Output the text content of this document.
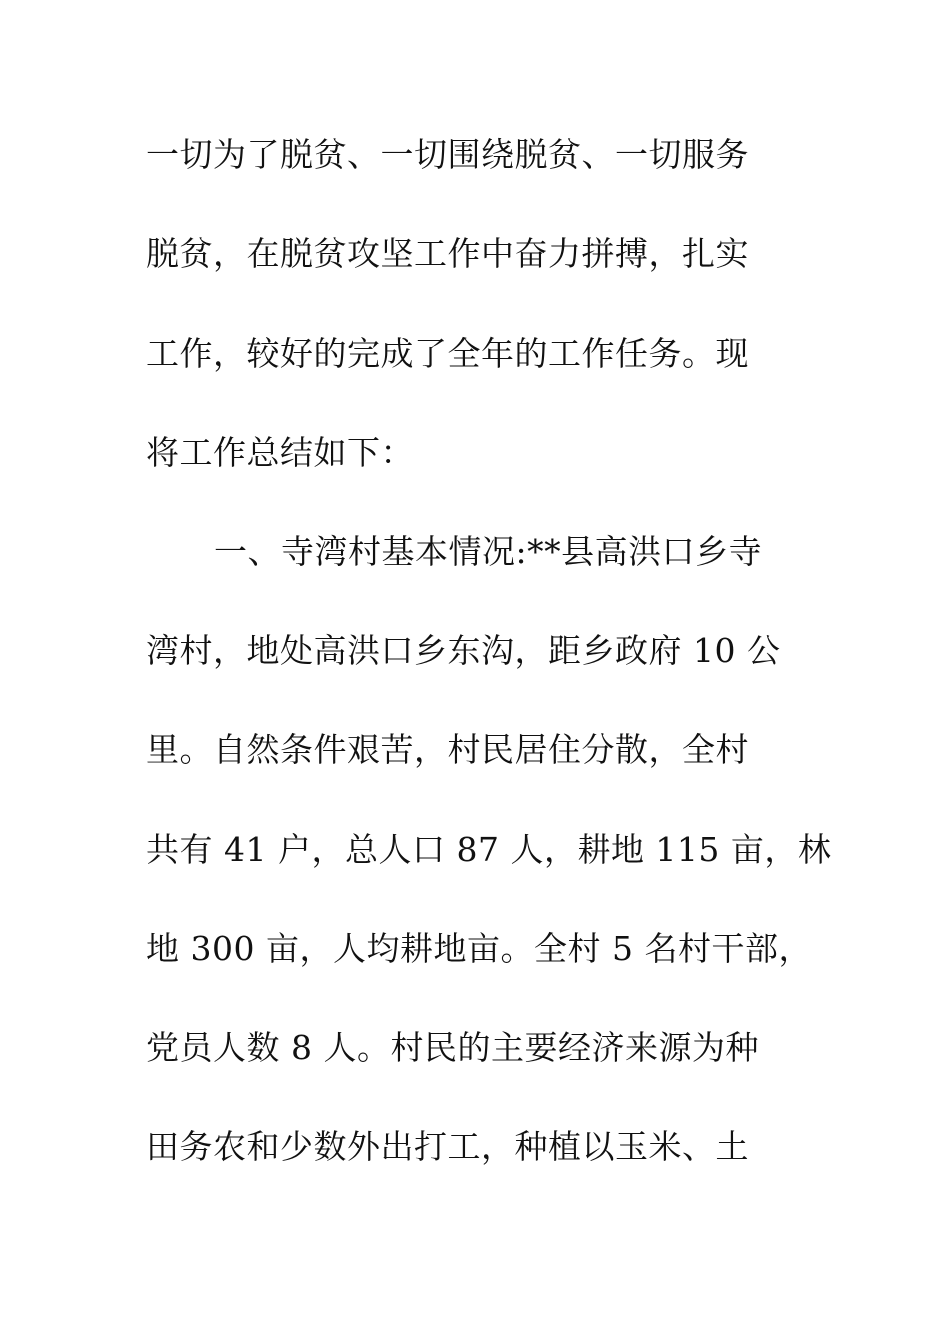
一切为了脱贫、一切围绕脱贫、一切服务
脱贫，在脱贫攻坚工作中奋力拼搏，扎实
工作，较好的完成了全年的工作任务。现
将工作总结如下：
一、寺湾村基本情况:**县高洪口乡寺
湾村，地处高洪口乡东沟，距乡政府 10 公
里。自然条件艰苦，村民居住分散，全村
共有 41 户，总人口 87 人，耕地 115 亩，林
地 300 亩，人均耕地亩。全村 5 名村干部，
党员人数 8 人。村民的主要经济来源为种
田务农和少数外出打工，种植以玉米、土
